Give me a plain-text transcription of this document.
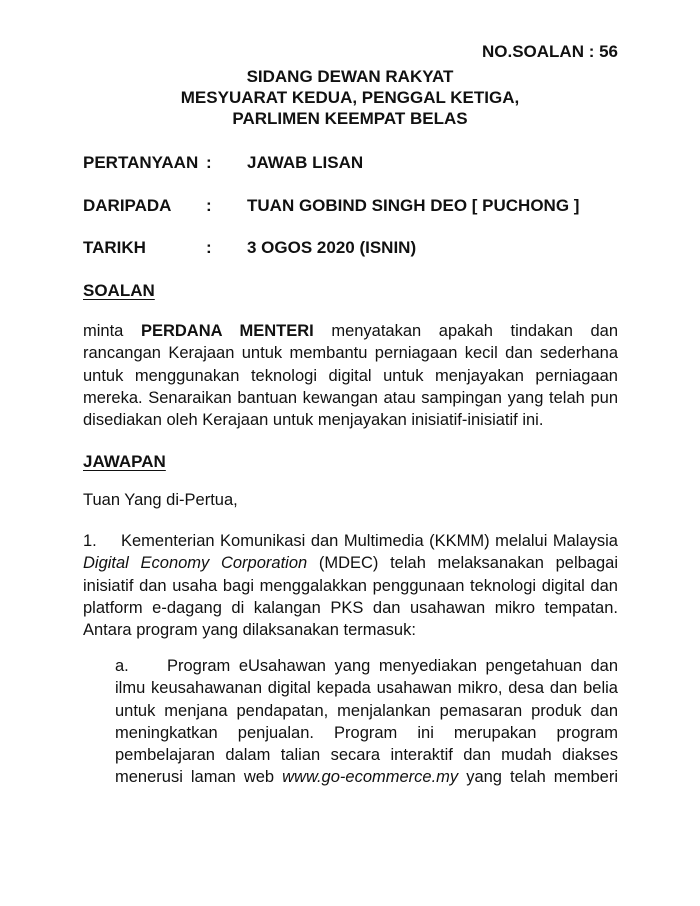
NO.SOALAN : 56
SIDANG DEWAN RAKYAT
MESYUARAT KEDUA, PENGGAL KETIGA,
PARLIMEN KEEMPAT BELAS
PERTANYAAN : JAWAB LISAN
DARIPADA : TUAN GOBIND SINGH DEO [ PUCHONG ]
TARIKH	: 3 OGOS 2020 (ISNIN)
SOALAN

minta PERDANA MENTERI menyatakan apakah tindakan dan rancangan Kerajaan untuk membantu perniagaan kecil dan sederhana untuk menggunakan teknologi digital untuk menjayakan perniagaan mereka. Senaraikan bantuan kewangan atau sampingan yang telah pun disediakan oleh Kerajaan untuk menjayakan inisiatif-inisiatif ini.

JAWAPAN

Tuan Yang di-Pertua,

1. Kementerian Komunikasi dan Multimedia (KKMM) melalui Malaysia Digital Economy Corporation (MDEC) telah melaksanakan pelbagai inisiatif dan usaha bagi menggalakkan penggunaan teknologi digital dan platform e-dagang di kalangan PKS dan usahawan mikro tempatan. Antara program yang dilaksanakan termasuk:

a. Program eUsahawan yang menyediakan pengetahuan dan ilmu keusahawanan digital kepada usahawan mikro, desa dan belia untuk menjana pendapatan, menjalankan pemasaran produk dan meningkatkan penjualan. Program ini merupakan program pembelajaran dalam talian secara interaktif dan mudah diakses menerusi laman web www.go-ecommerce.my yang telah memberi
